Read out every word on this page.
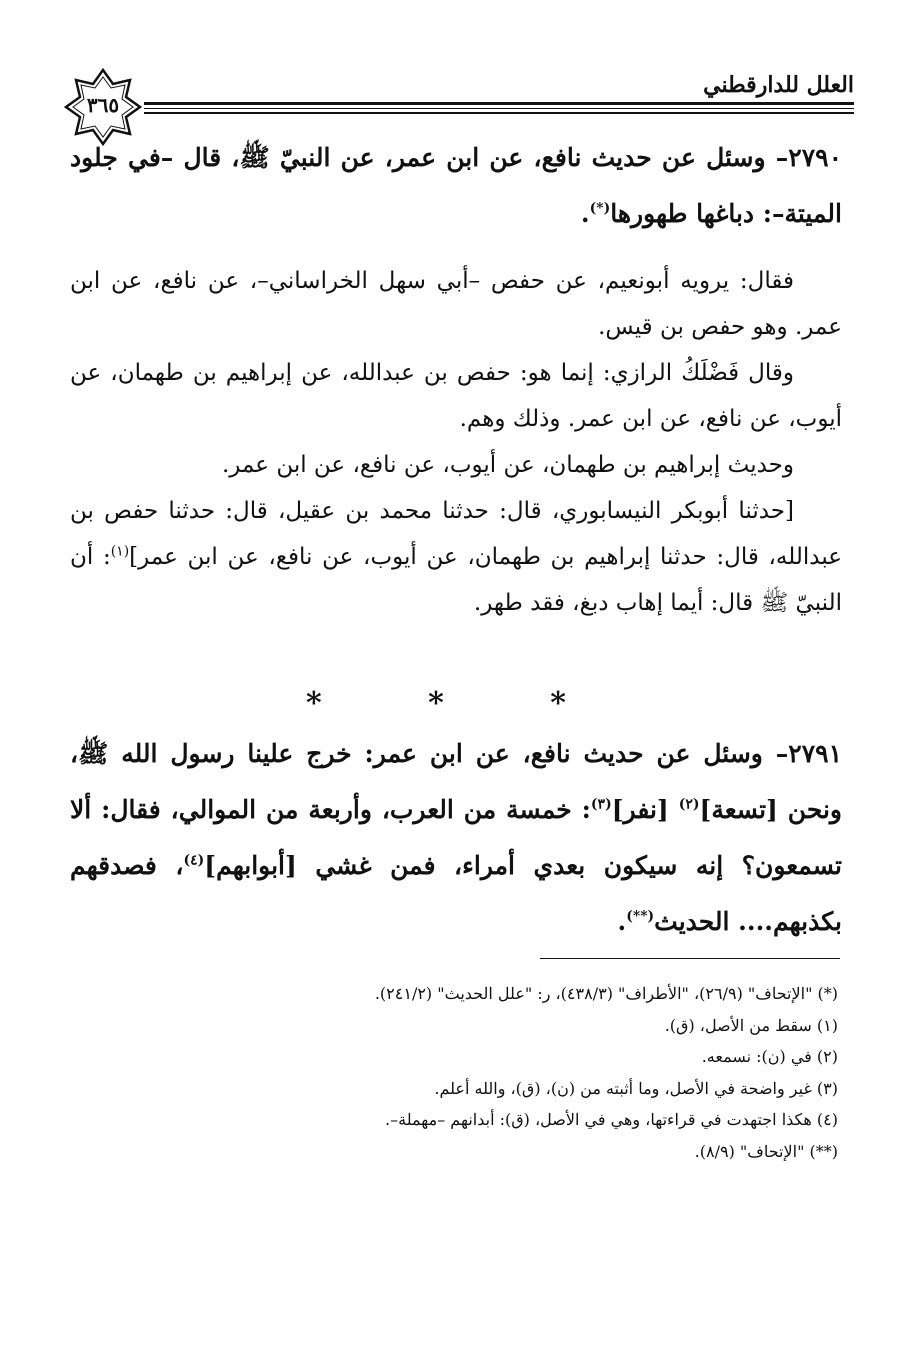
٣٦٥
العلل للدارقطني

٢٧٩٠– وسئل عن حديث نافع، عن ابن عمر، عن النبيّ ﷺ، قال –في جلود الميتة–: دباغها طهورها(*).

فقال: يرويه أبونعيم، عن حفص –أبي سهل الخراساني–، عن نافع، عن ابن عمر. وهو حفص بن قيس.

وقال فَضْلَكُ الرازي: إنما هو: حفص بن عبدالله، عن إبراهيم بن طهمان، عن أيوب، عن نافع، عن ابن عمر. وذلك وهم.

وحديث إبراهيم بن طهمان، عن أيوب، عن نافع، عن ابن عمر.

[حدثنا أبوبكر النيسابوري، قال: حدثنا محمد بن عقيل، قال: حدثنا حفص بن عبدالله، قال: حدثنا إبراهيم بن طهمان، عن أيوب، عن نافع، عن ابن عمر]$^{(١)}$: أن النبيّ ﷺ قال: أيما إهاب دبغ، فقد طهر.

* * *

٢٧٩١– وسئل عن حديث نافع، عن ابن عمر: خرج علينا رسول الله ﷺ، ونحن [تسعة]$^{(٢)}$ [نفر]$^{(٣)}$: خمسة من العرب، وأربعة من الموالي، فقال: ألا تسمعون؟ إنه سيكون بعدي أمراء، فمن غشي [أبوابهم]$^{(٤)}$، فصدقهم بكذبهم.... الحديث(**).

(*) "الإتحاف" (٢٦/٩)، "الأطراف" (٤٣٨/٣)، ر: "علل الحديث" (٢٤١/٢).

(١) سقط من الأصل، (ق).

(٢) في (ن): نسمعه.

(٣) غير واضحة في الأصل، وما أثبته من (ن)، (ق)، والله أعلم.

(٤) هكذا اجتهدت في قراءتها، وهي في الأصل، (ق): أبدانهم –مهملة–.

(**) "الإتحاف" (٨/٩).
